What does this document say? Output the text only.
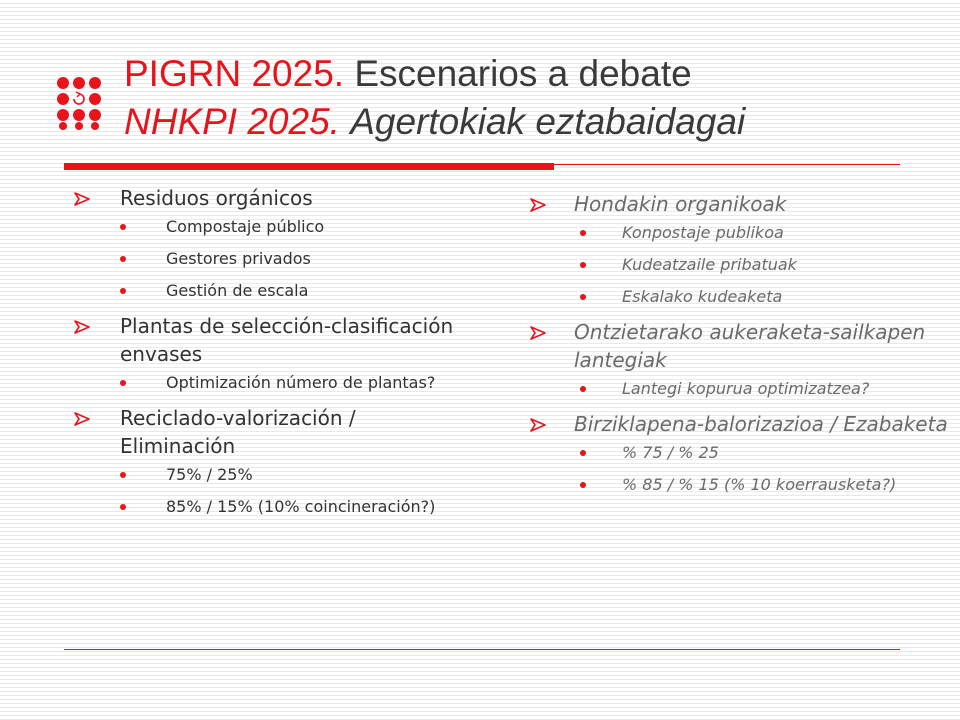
PIGRN 2025. Escenarios a debate
NHKPI 2025. Agertokiak eztabaidagai
Residuos orgánicos
Compostaje público
Gestores privados
Gestión de escala
Plantas de selección-clasificación envases
Optimización número de plantas?
Reciclado-valorización / Eliminación
75% / 25%
85% / 15% (10% coincineración?)
Hondakin organikoak
Konpostaje publikoa
Kudeatzaile pribatuak
Eskalako kudeaketa
Ontzietarako aukeraketa-sailkapen lantegiak
Lantegi kopurua optimizatzea?
Birziklapena-balorizazioa / Ezabaketa
% 75 / % 25
% 85 / % 15 (% 10 koerrausketa?)
